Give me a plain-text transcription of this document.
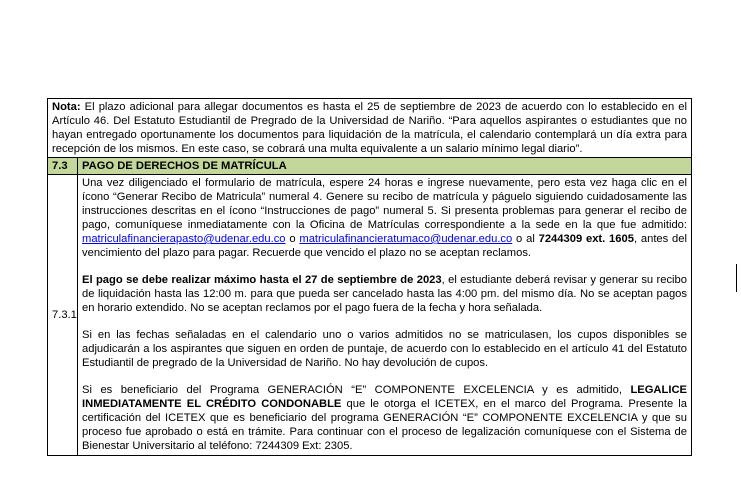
Nota: El plazo adicional para allegar documentos es hasta el 25 de septiembre de 2023 de acuerdo con lo establecido en el Artículo 46. Del Estatuto Estudiantil de Pregrado de la Universidad de Nariño. “Para aquellos aspirantes o estudiantes que no hayan entregado oportunamente los documentos para liquidación de la matrícula, el calendario contemplará un día extra para recepción de los mismos. En este caso, se cobrará una multa equivalente a un salario mínimo legal diario”.	
7.3	PAGO DE DERECHOS DE MATRÍCULA
7.3.1	Una vez diligenciado el formulario de matrícula, espere 24 horas e ingrese nuevamente, pero esta vez haga clic en el ícono “Generar Recibo de Matricula” numeral 4. Genere su recibo de matrícula y páguelo siguiendo cuidadosamente las instrucciones descritas en el ícono “Instrucciones de pago” numeral 5. Si presenta problemas para generar el recibo de pago, comuníquese inmediatamente con la Oficina de Matrículas correspondiente a la sede en la que fue admitido: matriculafinancierapasto@udenar.edu.co o matriculafinancieratumaco@udenar.edu.co o al 7244309 ext. 1605, antes del vencimiento del plazo para pagar. Recuerde que vencido el plazo no se aceptan reclamos.

El pago se debe realizar máximo hasta el 27 de septiembre de 2023, el estudiante deberá revisar y generar su recibo de liquidación hasta las 12:00 m. para que pueda ser cancelado hasta las 4:00 pm. del mismo día. No se aceptan pagos en horario extendido. No se aceptan reclamos por el pago fuera de la fecha y hora señalada.

Si en las fechas señaladas en el calendario uno o varios admitidos no se matriculasen, los cupos disponibles se adjudicarán a los aspirantes que siguen en orden de puntaje, de acuerdo con lo establecido en el artículo 41 del Estatuto Estudiantil de pregrado de la Universidad de Nariño. No hay devolución de cupos.

Si es beneficiario del Programa GENERACIÓN “E” COMPONENTE EXCELENCIA y es admitido, LEGALICE INMEDIATAMENTE EL CRÉDITO CONDONABLE que le otorga el ICETEX, en el marco del Programa. Presente la certificación del ICETEX que es beneficiario del programa GENERACIÓN “E” COMPONENTE EXCELENCIA y que su proceso fue aprobado o está en trámite. Para continuar con el proceso de legalización comuníquese con el Sistema de Bienestar Universitario al teléfono: 7244309 Ext: 2305.
